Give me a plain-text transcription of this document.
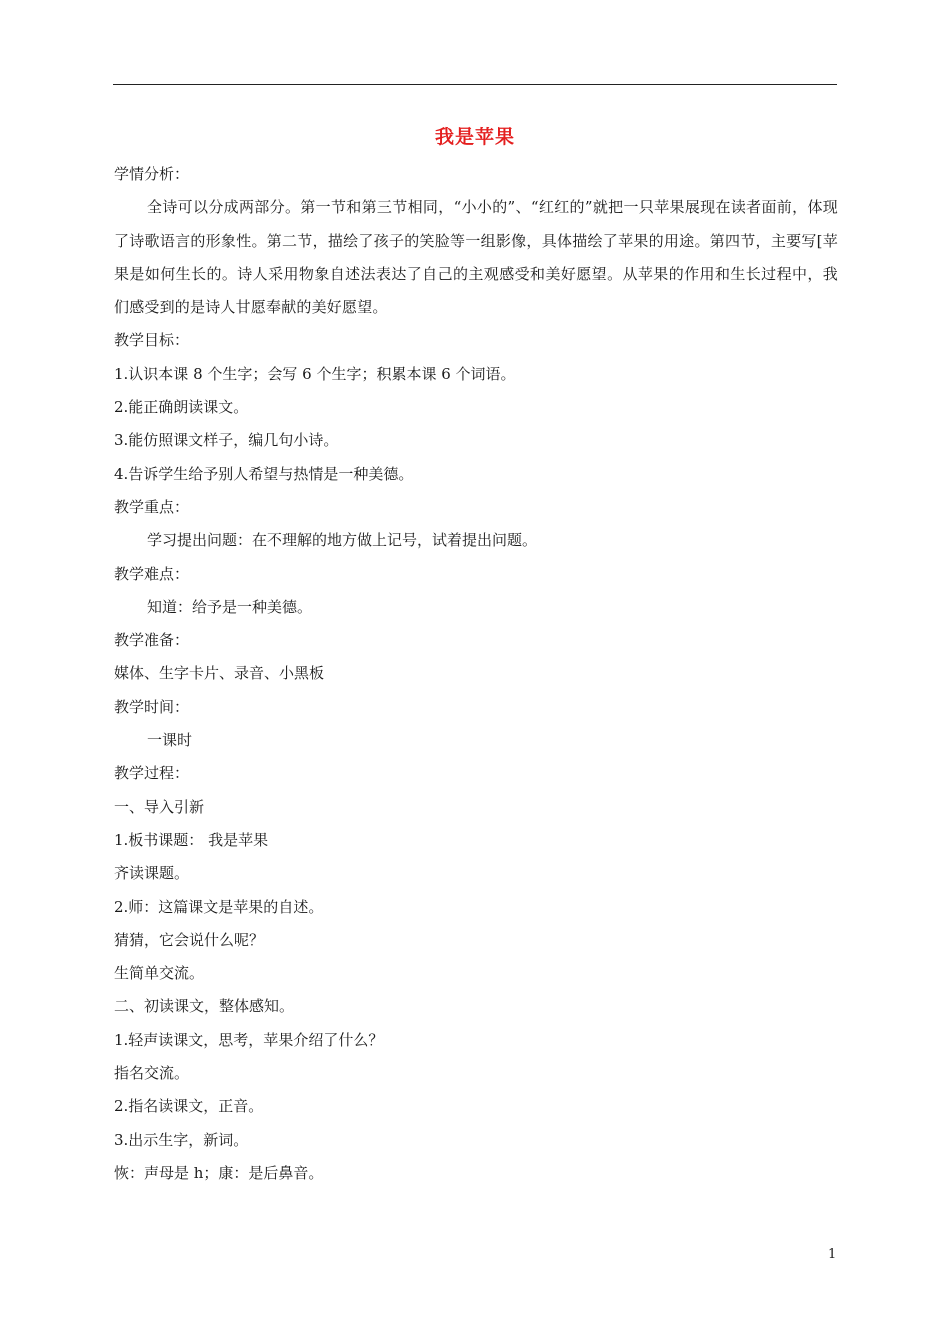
我是苹果
学情分析：
全诗可以分成两部分。第一节和第三节相同，“小小的”、“红红的”就把一只苹果展现在读者面前，体现了诗歌语言的形象性。第二节，描绘了孩子的笑脸等一组影像，具体描绘了苹果的用途。第四节，主要写[苹果是如何生长的。诗人采用物象自述法表达了自己的主观感受和美好愿望。从苹果的作用和生长过程中，我们感受到的是诗人甘愿奉献的美好愿望。
教学目标：
1.认识本课 8 个生字；会写 6 个生字；积累本课 6 个词语。
2.能正确朗读课文。
3.能仿照课文样子，编几句小诗。
4.告诉学生给予别人希望与热情是一种美德。
教学重点：
学习提出问题：在不理解的地方做上记号，试着提出问题。
教学难点：
知道：给予是一种美德。
教学准备：
媒体、生字卡片、录音、小黑板
教学时间：
一课时
教学过程：
一、导入引新
1.板书课题： 我是苹果
齐读课题。
2.师：这篇课文是苹果的自述。
猜猜，它会说什么呢？
生简单交流。
二、初读课文，整体感知。
1.轻声读课文，思考，苹果介绍了什么？
指名交流。
2.指名读课文，正音。
3.出示生字，新词。
恢：声母是 h；康：是后鼻音。
1
